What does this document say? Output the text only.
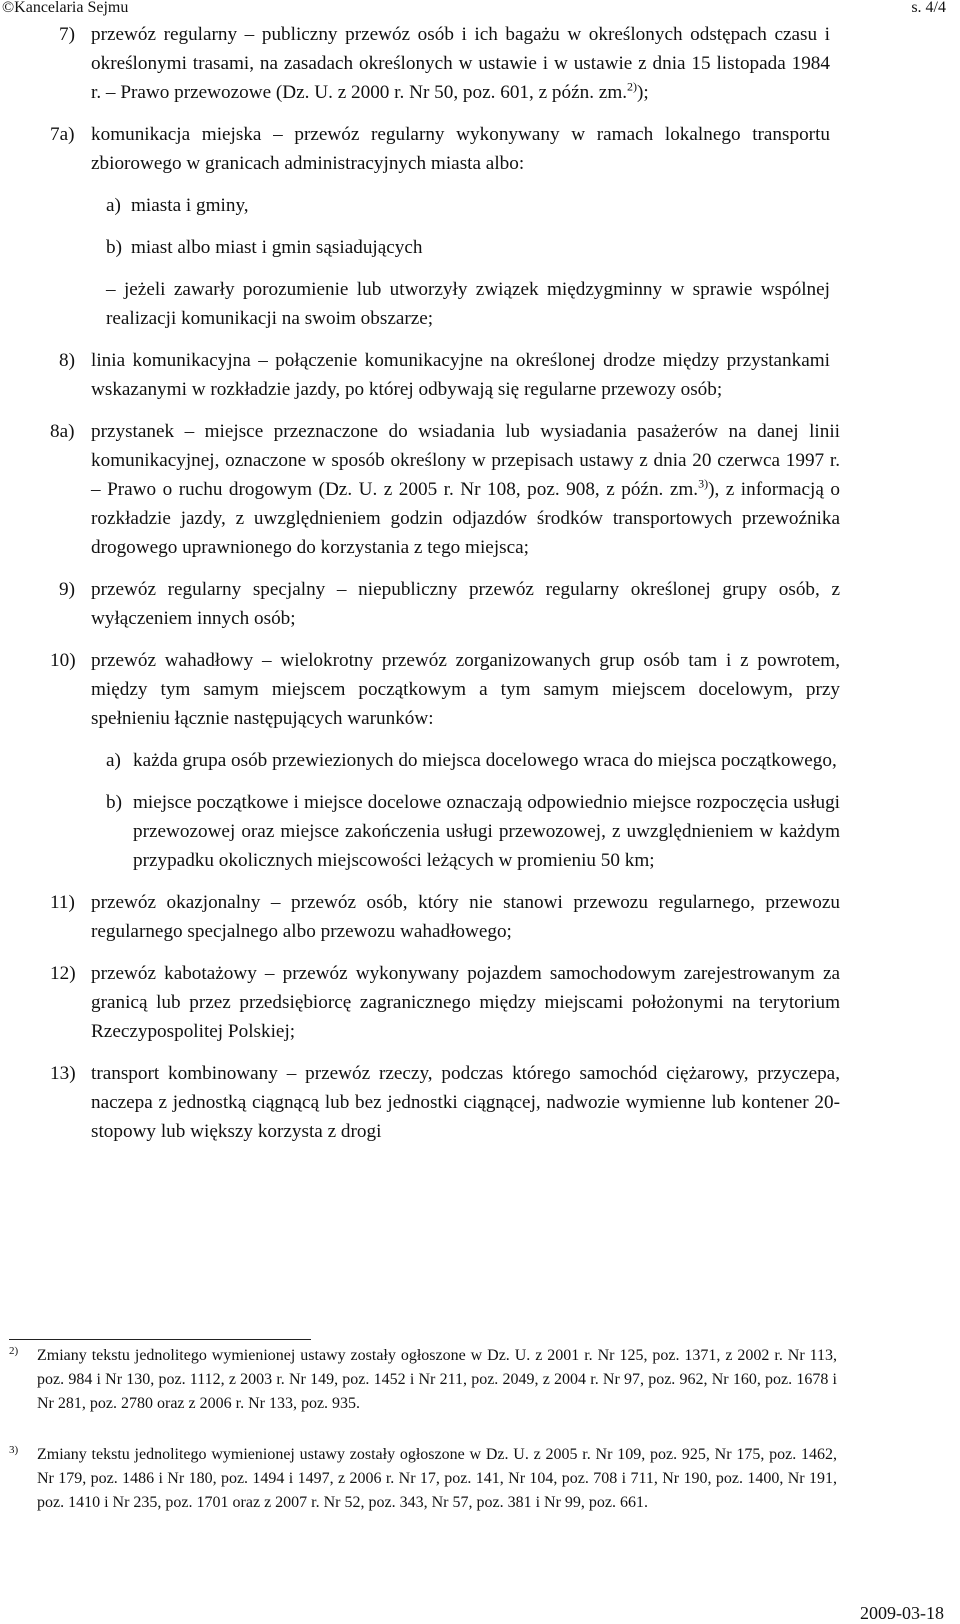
©Kancelaria Sejmu	s. 4/4
7) przewóz regularny – publiczny przewóz osób i ich bagażu w określonych odstępach czasu i określonymi trasami, na zasadach określonych w ustawie i w ustawie z dnia 15 listopada 1984 r. – Prawo przewozowe (Dz. U. z 2000 r. Nr 50, poz. 601, z późn. zm.$^{2)}$);
7a) komunikacja miejska – przewóz regularny wykonywany w ramach lokalnego transportu zbiorowego w granicach administracyjnych miasta albo:
a) miasta i gminy,
b) miast albo miast i gmin sąsiadujących
– jeżeli zawarły porozumienie lub utworzyły związek międzygminny w sprawie wspólnej realizacji komunikacji na swoim obszarze;
8) linia komunikacyjna – połączenie komunikacyjne na określonej drodze między przystankami wskazanymi w rozkładzie jazdy, po której odbywają się regularne przewozy osób;
8a) przystanek – miejsce przeznaczone do wsiadania lub wysiadania pasażerów na danej linii komunikacyjnej, oznaczone w sposób określony w przepisach ustawy z dnia 20 czerwca 1997 r. – Prawo o ruchu drogowym (Dz. U. z 2005 r. Nr 108, poz. 908, z późn. zm.$^{3)}$), z informacją o rozkładzie jazdy, z uwzględnieniem godzin odjazdów środków transportowych przewoźnika drogowego uprawnionego do korzystania z tego miejsca;
9) przewóz regularny specjalny – niepubliczny przewóz regularny określonej grupy osób, z wyłączeniem innych osób;
10) przewóz wahadłowy – wielokrotny przewóz zorganizowanych grup osób tam i z powrotem, między tym samym miejscem początkowym a tym samym miejscem docelowym, przy spełnieniu łącznie następujących warunków:
a) każda grupa osób przewiezionych do miejsca docelowego wraca do miejsca początkowego,
b) miejsce początkowe i miejsce docelowe oznaczają odpowiednio miejsce rozpoczęcia usługi przewozowej oraz miejsce zakończenia usługi przewozowej, z uwzględnieniem w każdym przypadku okolicznych miejscowości leżących w promieniu 50 km;
11) przewóz okazjonalny – przewóz osób, który nie stanowi przewozu regularnego, przewozu regularnego specjalnego albo przewozu wahadłowego;
12) przewóz kabotażowy – przewóz wykonywany pojazdem samochodowym zarejestrowanym za granicą lub przez przedsiębiorcę zagranicznego między miejscami położonymi na terytorium Rzeczypospolitej Polskiej;
13) transport kombinowany – przewóz rzeczy, podczas którego samochód ciężarowy, przyczepa, naczepa z jednostką ciągnącą lub bez jednostki ciągnącej, nadwozie wymienne lub kontener 20-stopowy lub większy korzysta z drogi
2) Zmiany tekstu jednolitego wymienionej ustawy zostały ogłoszone w Dz. U. z 2001 r. Nr 125, poz. 1371, z 2002 r. Nr 113, poz. 984 i Nr 130, poz. 1112, z 2003 r. Nr 149, poz. 1452 i Nr 211, poz. 2049, z 2004 r. Nr 97, poz. 962, Nr 160, poz. 1678 i Nr 281, poz. 2780 oraz z 2006 r. Nr 133, poz. 935.
3) Zmiany tekstu jednolitego wymienionej ustawy zostały ogłoszone w Dz. U. z 2005 r. Nr 109, poz. 925, Nr 175, poz. 1462, Nr 179, poz. 1486 i Nr 180, poz. 1494 i 1497, z 2006 r. Nr 17, poz. 141, Nr 104, poz. 708 i 711, Nr 190, poz. 1400, Nr 191, poz. 1410 i Nr 235, poz. 1701 oraz z 2007 r. Nr 52, poz. 343, Nr 57, poz. 381 i Nr 99, poz. 661.
2009-03-18
